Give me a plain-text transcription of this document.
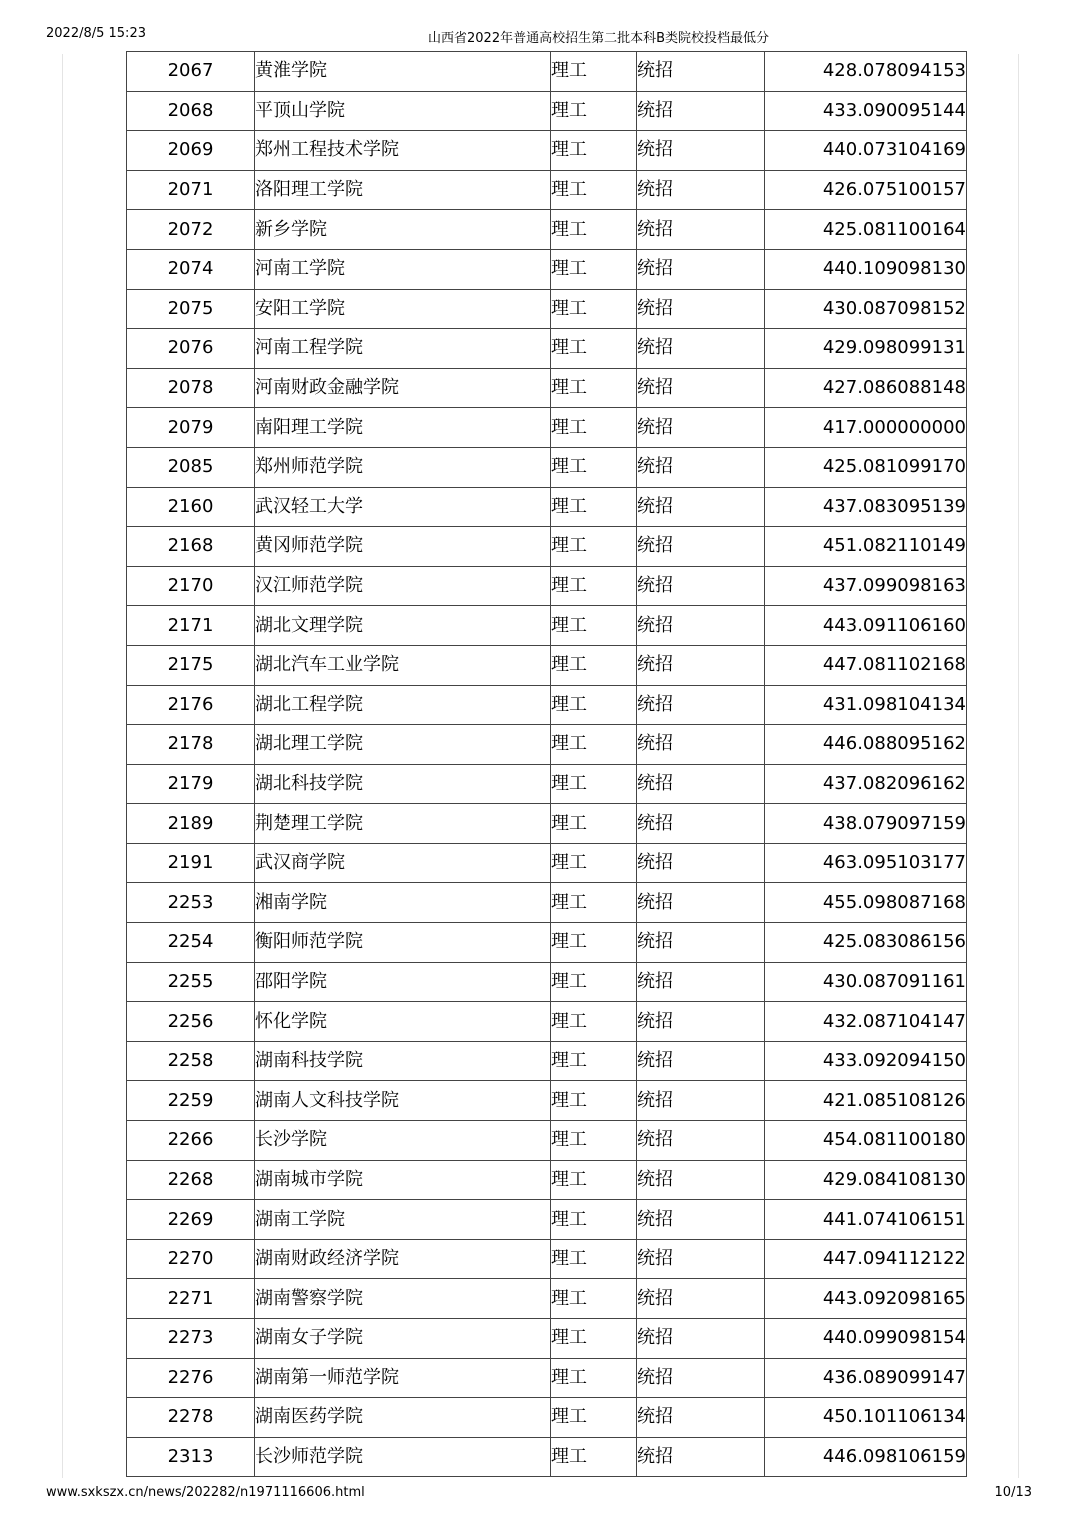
2022/8/5 15:23	山西省2022年普通高校招生第二批本科B类院校投档最低分
2067	黄淮学院	理工	统招	428.078094153
2068	平顶山学院	理工	统招	433.090095144
2069	郑州工程技术学院	理工	统招	440.073104169
2071	洛阳理工学院	理工	统招	426.075100157
2072	新乡学院	理工	统招	425.081100164
2074	河南工学院	理工	统招	440.109098130
2075	安阳工学院	理工	统招	430.087098152
2076	河南工程学院	理工	统招	429.098099131
2078	河南财政金融学院	理工	统招	427.086088148
2079	南阳理工学院	理工	统招	417.000000000
2085	郑州师范学院	理工	统招	425.081099170
2160	武汉轻工大学	理工	统招	437.083095139
2168	黄冈师范学院	理工	统招	451.082110149
2170	汉江师范学院	理工	统招	437.099098163
2171	湖北文理学院	理工	统招	443.091106160
2175	湖北汽车工业学院	理工	统招	447.081102168
2176	湖北工程学院	理工	统招	431.098104134
2178	湖北理工学院	理工	统招	446.088095162
2179	湖北科技学院	理工	统招	437.082096162
2189	荆楚理工学院	理工	统招	438.079097159
2191	武汉商学院	理工	统招	463.095103177
2253	湘南学院	理工	统招	455.098087168
2254	衡阳师范学院	理工	统招	425.083086156
2255	邵阳学院	理工	统招	430.087091161
2256	怀化学院	理工	统招	432.087104147
2258	湖南科技学院	理工	统招	433.092094150
2259	湖南人文科技学院	理工	统招	421.085108126
2266	长沙学院	理工	统招	454.081100180
2268	湖南城市学院	理工	统招	429.084108130
2269	湖南工学院	理工	统招	441.074106151
2270	湖南财政经济学院	理工	统招	447.094112122
2271	湖南警察学院	理工	统招	443.092098165
2273	湖南女子学院	理工	统招	440.099098154
2276	湖南第一师范学院	理工	统招	436.089099147
2278	湖南医药学院	理工	统招	450.101106134
2313	长沙师范学院	理工	统招	446.098106159
www.sxkszx.cn/news/202282/n1971116606.html	10/13
